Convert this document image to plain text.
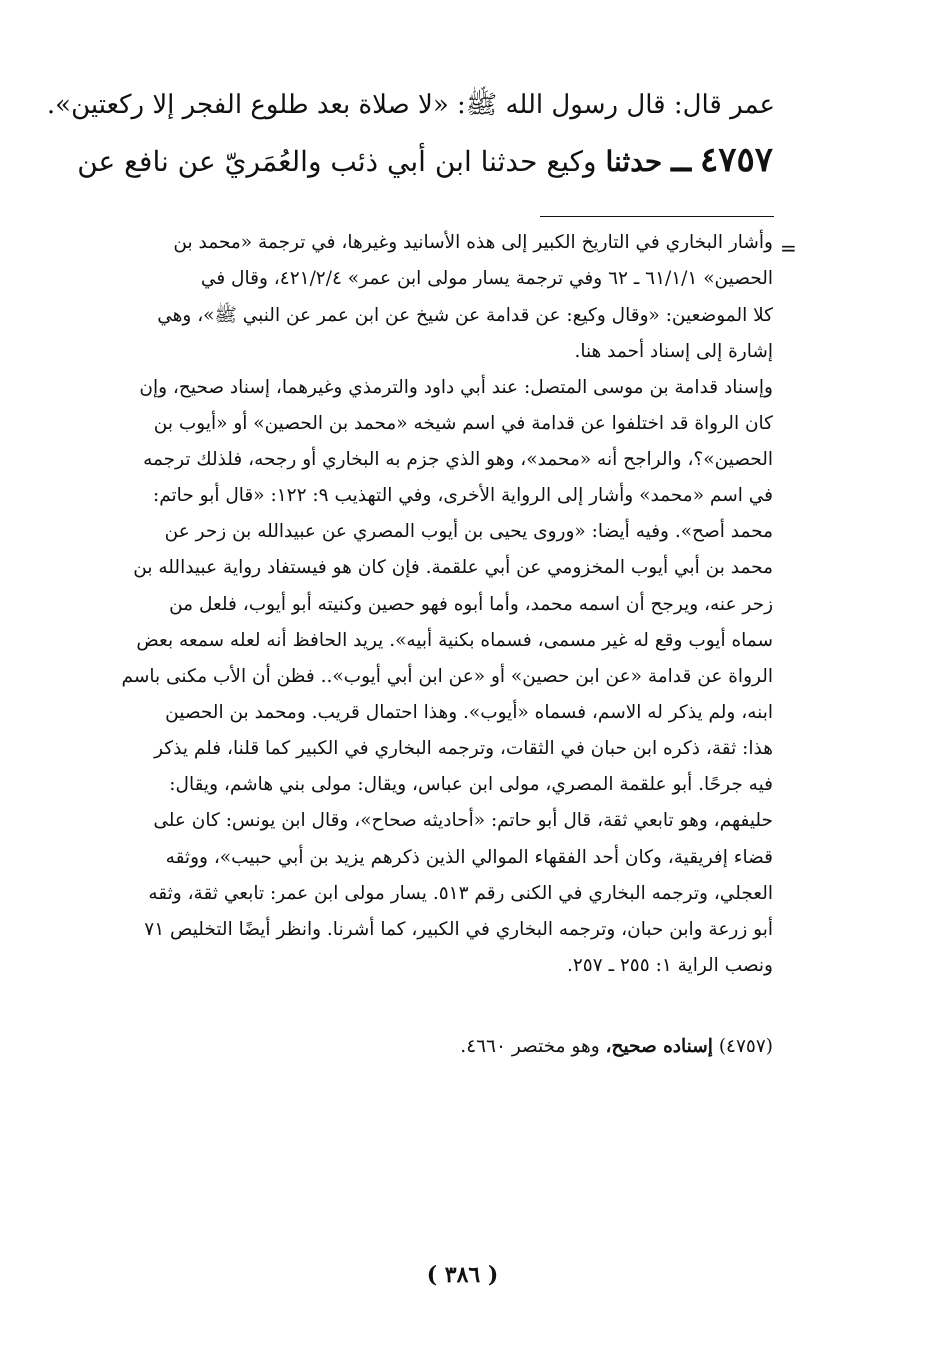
عمر قال: قال رسول الله ﷺ: «لا صلاة بعد طلوع الفجر إلا ركعتين».
٤٧٥٧ ــ حدثنا وكيع حدثنا ابن أبي ذئب والعُمَريّ عن نافع عن
=
وأشار البخاري في التاريخ الكبير إلى هذه الأسانيد وغيرها، في ترجمة «محمد بن
الحصين» ٦١/١/١ ـ ٦٢ وفي ترجمة يسار مولى ابن عمر» ٤٢١/٢/٤، وقال في
كلا الموضعين: «وقال وكيع: عن قدامة عن شيخ عن ابن عمر عن النبي ﷺ»، وهي
إشارة إلى إسناد أحمد هنا.
وإسناد قدامة بن موسى المتصل: عند أبي داود والترمذي وغيرهما، إسناد صحيح، وإن
كان الرواة قد اختلفوا عن قدامة في اسم شيخه «محمد بن الحصين» أو «أيوب بن
الحصين»؟، والراجح أنه «محمد»، وهو الذي جزم به البخاري أو رجحه، فلذلك ترجمه
في اسم «محمد» وأشار إلى الرواية الأخرى، وفي التهذيب ٩: ١٢٢: «قال أبو حاتم:
محمد أصح». وفيه أيضا: «وروى يحيى بن أيوب المصري عن عبيدالله بن زحر عن
محمد بن أبي أيوب المخزومي عن أبي علقمة. فإن كان هو فيستفاد رواية عبيدالله بن
زحر عنه، ويرجح أن اسمه محمد، وأما أبوه فهو حصين وكنيته أبو أيوب، فلعل من
سماه أيوب وقع له غير مسمى، فسماه بكنية أبيه». يريد الحافظ أنه لعله سمعه بعض
الرواة عن قدامة «عن ابن حصين» أو «عن ابن أبي أيوب».. فظن أن الأب مكنى باسم
ابنه، ولم يذكر له الاسم، فسماه «أيوب». وهذا احتمال قريب. ومحمد بن الحصين
هذا: ثقة، ذكره ابن حبان في الثقات، وترجمه البخاري في الكبير كما قلنا، فلم يذكر
فيه جرحًا. أبو علقمة المصري، مولى ابن عباس، ويقال: مولى بني هاشم، ويقال:
حليفهم، وهو تابعي ثقة، قال أبو حاتم: «أحاديثه صحاح»، وقال ابن يونس: كان على
قضاء إفريقية، وكان أحد الفقهاء الموالي الذين ذكرهم يزيد بن أبي حبيب»، ووثقه
العجلي، وترجمه البخاري في الكنى رقم ٥١٣. يسار مولى ابن عمر: تابعي ثقة، وثقه
أبو زرعة وابن حبان، وترجمه البخاري في الكبير، كما أشرنا. وانظر أيضًا التخليص ٧١
ونصب الراية ١: ٢٥٥ ـ ٢٥٧.
(٤٧٥٧) إسناده صحيح، وهو مختصر ٤٦٦٠.
( ٣٨٦ )
